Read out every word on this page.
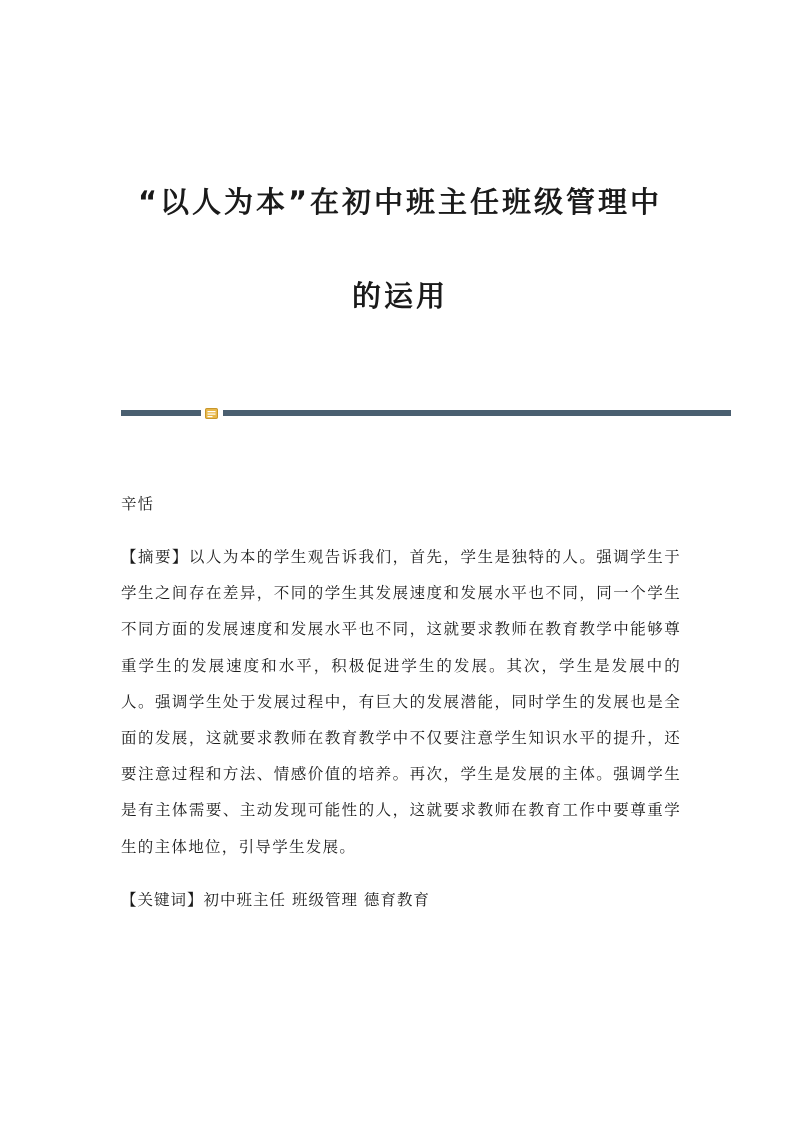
“以人为本”在初中班主任班级管理中
的运用

辛恬

【摘要】以人为本的学生观告诉我们，首先，学生是独特的人。强调学生于学生之间存在差异，不同的学生其发展速度和发展水平也不同，同一个学生不同方面的发展速度和发展水平也不同，这就要求教师在教育教学中能够尊重学生的发展速度和水平，积极促进学生的发展。其次，学生是发展中的人。强调学生处于发展过程中，有巨大的发展潜能，同时学生的发展也是全面的发展，这就要求教师在教育教学中不仅要注意学生知识水平的提升，还要注意过程和方法、情感价值的培养。再次，学生是发展的主体。强调学生是有主体需要、主动发现可能性的人，这就要求教师在教育工作中要尊重学生的主体地位，引导学生发展。

【关键词】初中班主任 班级管理 德育教育
